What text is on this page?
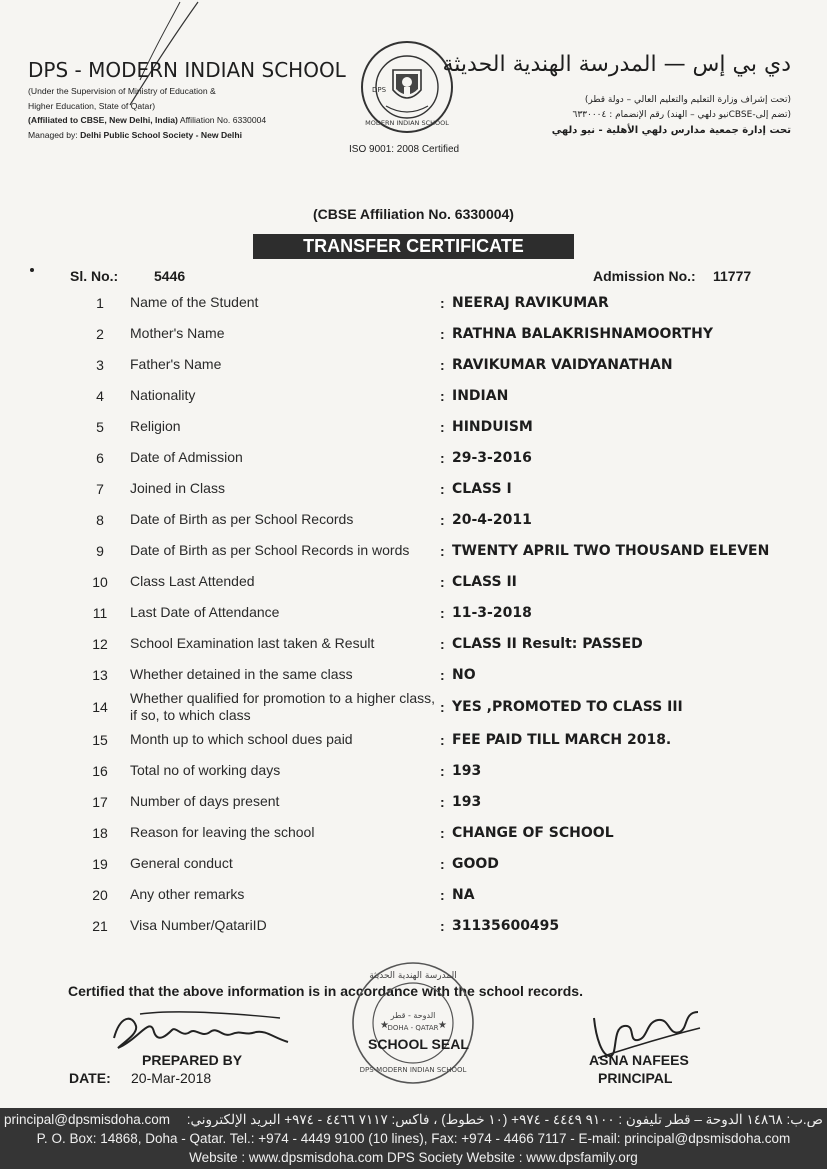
DPS - MODERN INDIAN SCHOOL
(Under the Supervision of Ministry of Education &
Higher Education, State of Qatar)
(Affiliated to CBSE, New Delhi, India) Affiliation No. 6330004
Managed by: Delhi Public School Society - New Delhi
MODERN INDIAN SCHOOL
DPS
دي بي إس — المدرسة الهندية الحديثة
(تحت إشراف وزارة التعليم والتعليم العالي – دولة قطر)
(تضم إلى-CBSEنيو دلهي – الهند) رقم الإنضمام : ٦٣٣٠٠٠٤
تحت إدارة جمعية مدارس دلهي الأهلية - نيو دلهي
ISO 9001: 2008 Certified
(CBSE Affiliation No. 6330004)
TRANSFER CERTIFICATE
Sl. No.:	5446	Admission No.: 11777
1	Name of the Student	:	NEERAJ RAVIKUMAR
2	Mother's Name	:	RATHNA BALAKRISHNAMOORTHY
3	Father's Name	:	RAVIKUMAR VAIDYANATHAN
4	Nationality	:	INDIAN
5	Religion	:	HINDUISM
6	Date of Admission	:	29-3-2016
7	Joined in Class	:	CLASS I
8	Date of Birth as per School Records	:	20-4-2011
9	Date of Birth as per School Records in words	:	TWENTY APRIL TWO THOUSAND ELEVEN
10	Class Last Attended	:	CLASS II
11	Last Date of Attendance	:	11-3-2018
12	School Examination last taken & Result	:	CLASS II Result: PASSED
13	Whether detained in the same class	:	NO
14	Whether qualified for promotion to a higher class, if so, to which class	:	YES ,PROMOTED TO CLASS III
15	Month up to which school dues paid	:	FEE PAID TILL MARCH 2018.
16	Total no of working days	:	193
17	Number of days present	:	193
18	Reason for leaving the school	:	CHANGE OF SCHOOL
19	General conduct	:	GOOD
20	Any other remarks	:	NA
21	Visa Number/QatariID	:	31135600495
Certified that the above information is in accordance with the school records.
المدرسة الهندية الحديثة
الدوحة - قطر
DOHA - QATAR
DPS-MODERN INDIAN SCHOOL
★	★
PREPARED BY
DATE: 20-Mar-2018
SCHOOL SEAL
ASNA NAFEES
PRINCIPAL
principal@dpsmisdoha.com ص.ب: ١٤٨٦٨ الدوحة – قطر تليفون : ٩١٠٠ ٤٤٤٩ - ٩٧٤+ (١٠ خطوط) ، فاكس: ٧١١٧ ٤٤٦٦ - ٩٧٤+ البريد الإلكتروني:
P. O. Box: 14868, Doha - Qatar. Tel.: +974 - 4449 9100 (10 lines), Fax: +974 - 4466 7117 - E-mail: principal@dpsmisdoha.com
Website : www.dpsmisdoha.com DPS Society Website : www.dpsfamily.org
